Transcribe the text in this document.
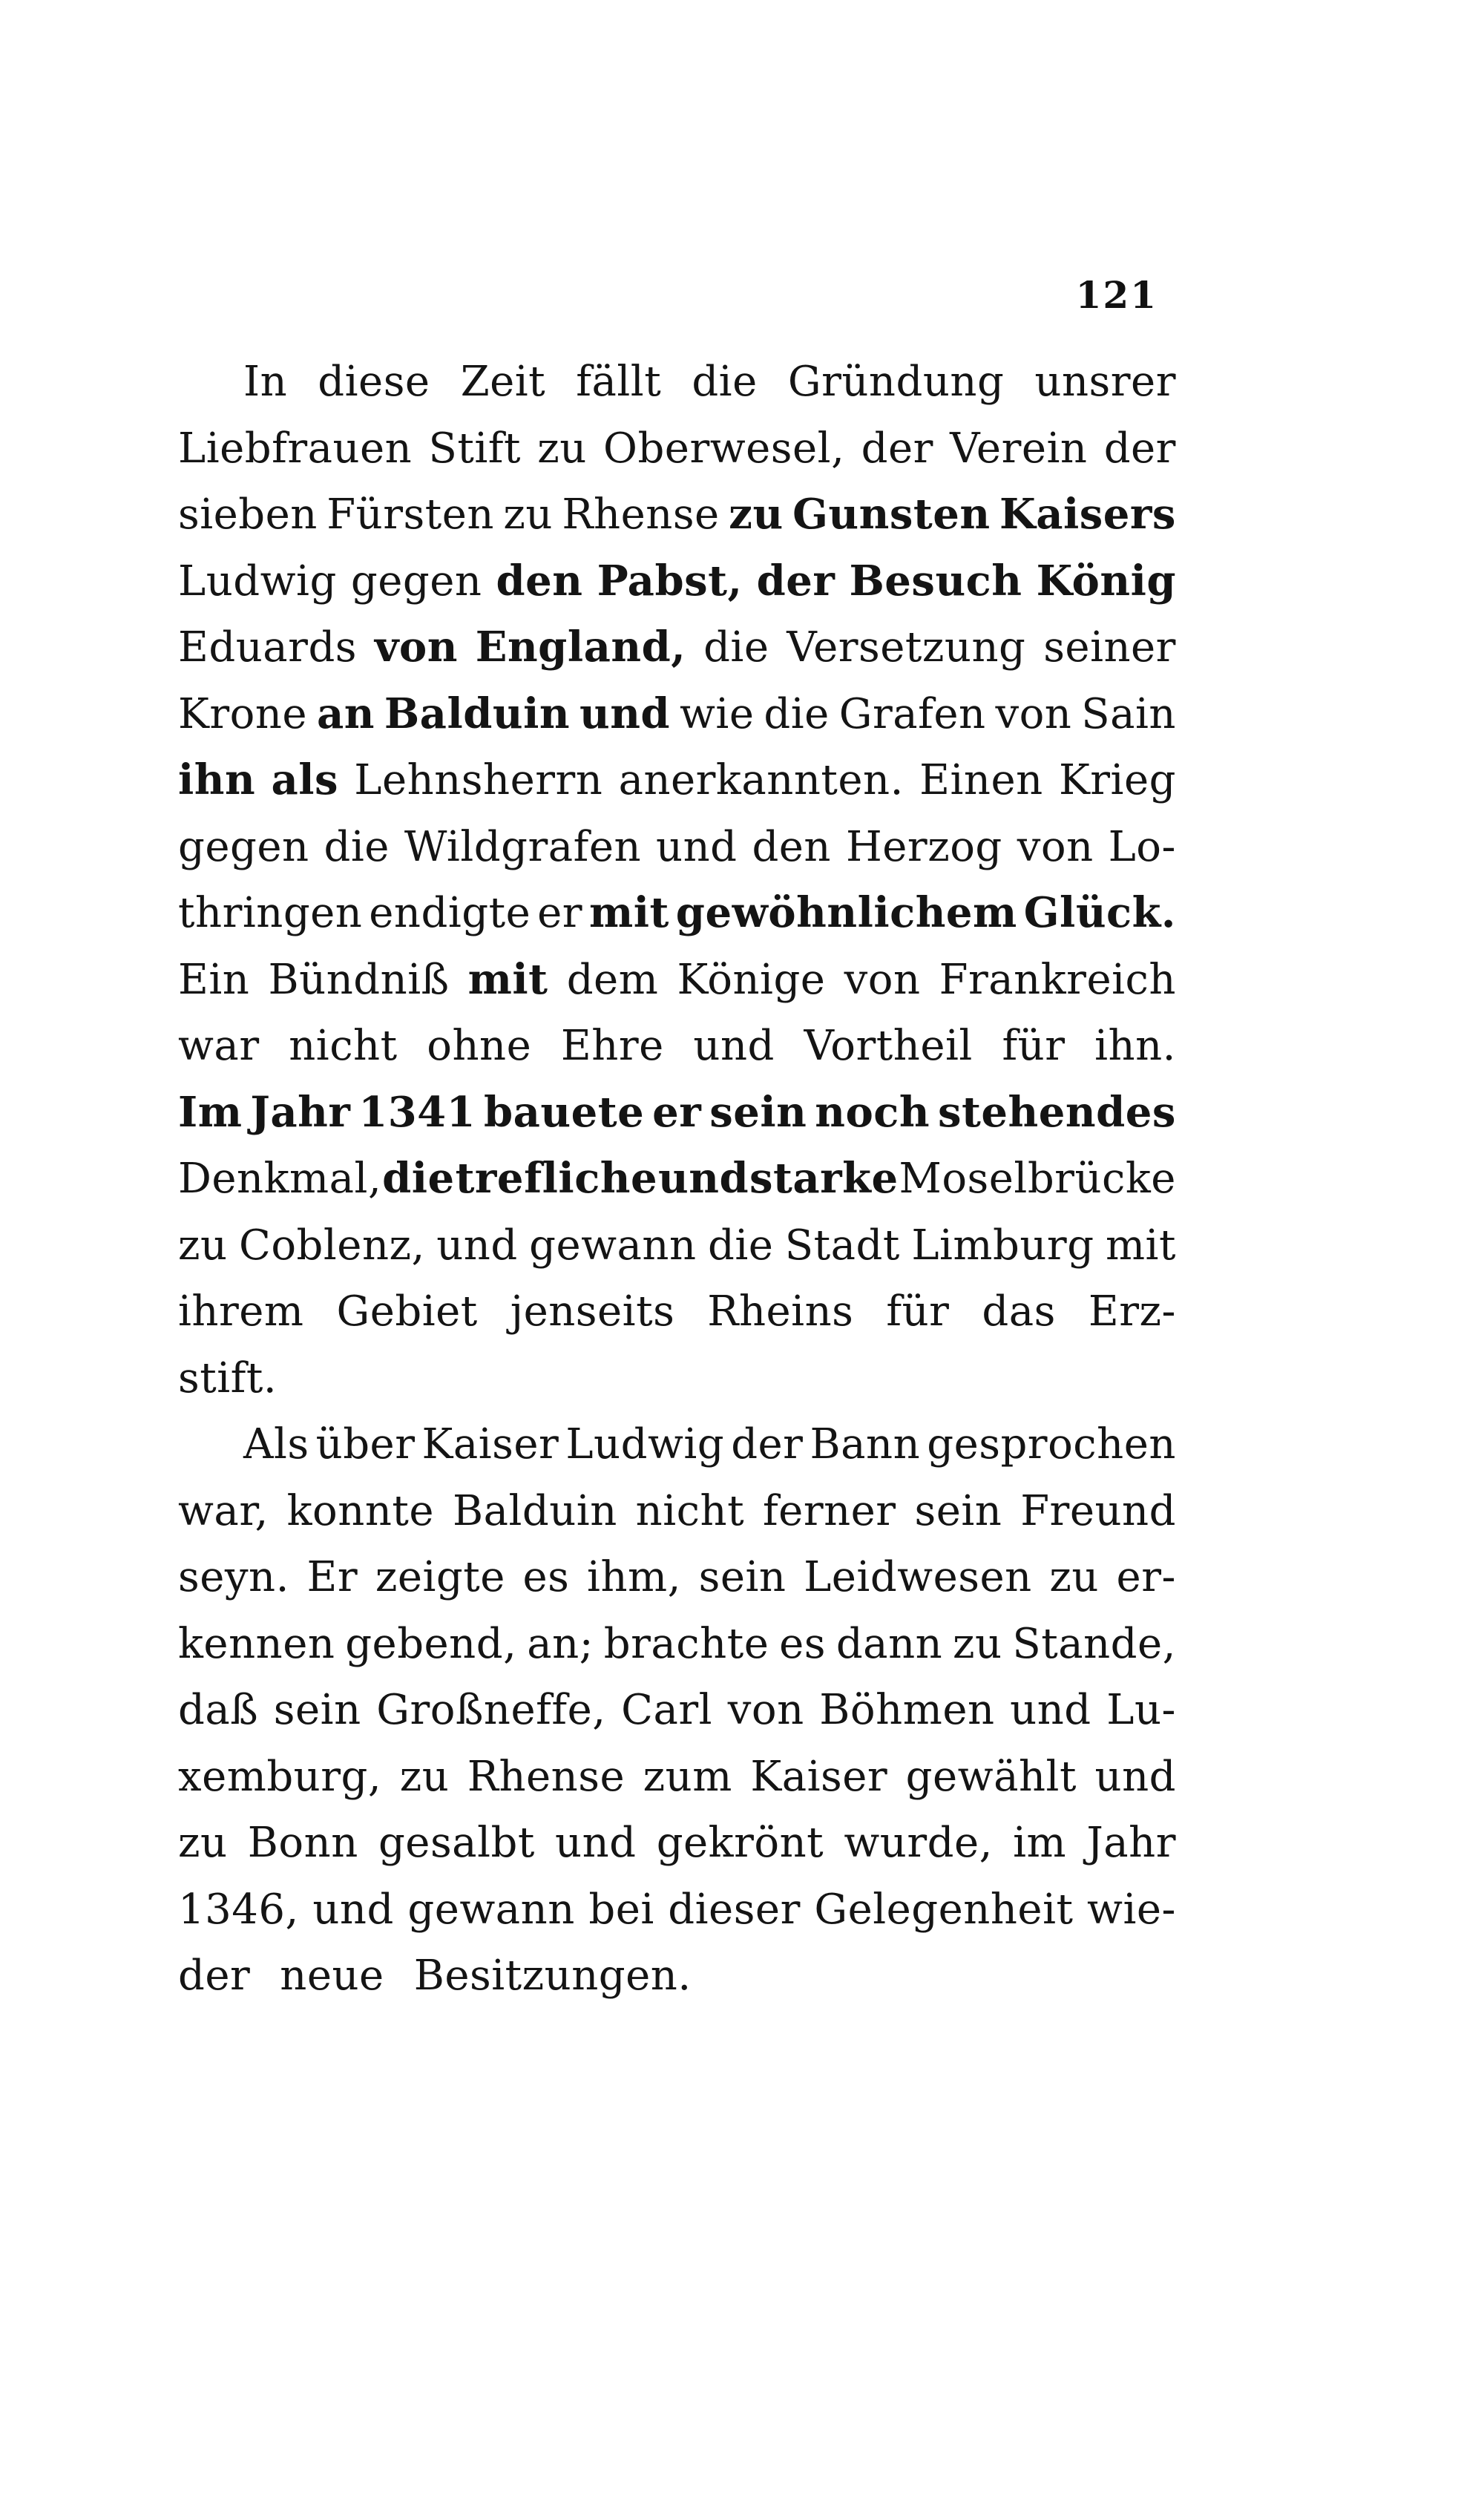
121
In diese Zeit fällt die Gründung unsrer
Liebfrauen Stift zu Oberwesel, der Verein der
sieben Fürsten zu Rhense zu Gunsten Kaisers
Ludwig gegen den Pabst, der Besuch König
Eduards von England, die Versetzung seiner
Krone an Balduin und wie die Grafen von Sain
ihn als Lehnsherrn anerkannten. Einen Krieg
gegen die Wildgrafen und den Herzog von Lo-
thringen endigte er mit gewöhnlichem Glück.
Ein Bündniß mit dem Könige von Frankreich
war nicht ohne Ehre und Vortheil für ihn.
Im Jahr 1341 bauete er sein noch stehendes
Denkmal, die trefliche und starke Moselbrücke
zu Coblenz, und gewann die Stadt Limburg mit
ihrem Gebiet jenseits Rheins für das Erz-
stift.
Als über Kaiser Ludwig der Bann gesprochen
war, konnte Balduin nicht ferner sein Freund
seyn. Er zeigte es ihm, sein Leidwesen zu er-
kennen gebend, an; brachte es dann zu Stande,
daß sein Großneffe, Carl von Böhmen und Lu-
xemburg, zu Rhense zum Kaiser gewählt und
zu Bonn gesalbt und gekrönt wurde, im Jahr
1346, und gewann bei dieser Gelegenheit wie-
der neue Besitzungen.
